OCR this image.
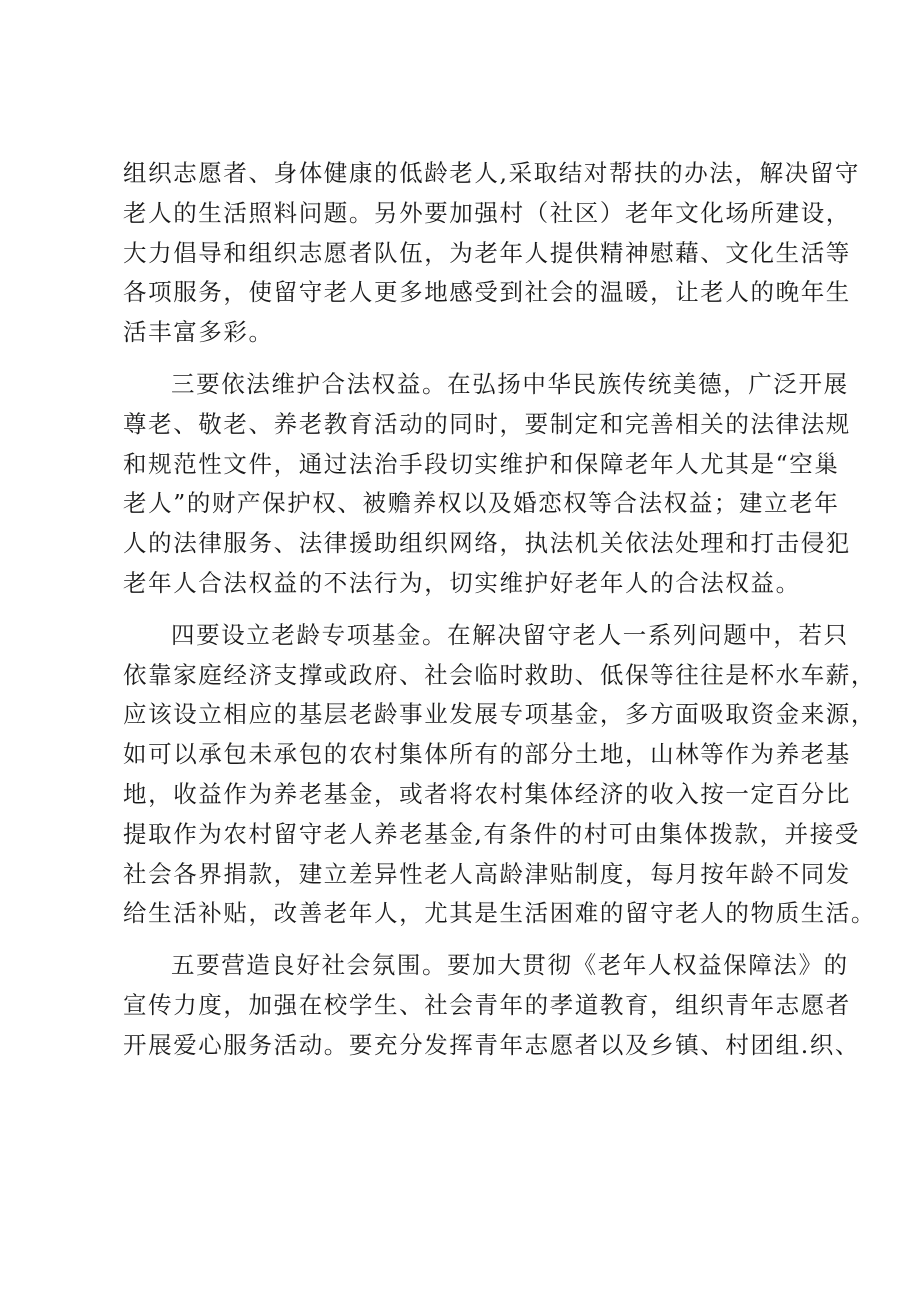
组织志愿者、身体健康的低龄老人,采取结对帮扶的办法，解决留守
老人的生活照料问题。另外要加强村（社区）老年文化场所建设，
大力倡导和组织志愿者队伍，为老年人提供精神慰藉、文化生活等
各项服务，使留守老人更多地感受到社会的温暖，让老人的晚年生
活丰富多彩。

三要依法维护合法权益。在弘扬中华民族传统美德，广泛开展
尊老、敬老、养老教育活动的同时，要制定和完善相关的法律法规
和规范性文件，通过法治手段切实维护和保障老年人尤其是“空巢
老人”的财产保护权、被赡养权以及婚恋权等合法权益；建立老年
人的法律服务、法律援助组织网络，执法机关依法处理和打击侵犯
老年人合法权益的不法行为，切实维护好老年人的合法权益。

四要设立老龄专项基金。在解决留守老人一系列问题中，若只
依靠家庭经济支撑或政府、社会临时救助、低保等往往是杯水车薪，
应该设立相应的基层老龄事业发展专项基金，多方面吸取资金来源，
如可以承包未承包的农村集体所有的部分土地，山林等作为养老基
地，收益作为养老基金，或者将农村集体经济的收入按一定百分比
提取作为农村留守老人养老基金,有条件的村可由集体拨款，并接受
社会各界捐款，建立差异性老人高龄津贴制度，每月按年龄不同发
给生活补贴，改善老年人，尤其是生活困难的留守老人的物质生活。

五要营造良好社会氛围。要加大贯彻《老年人权益保障法》的
宣传力度，加强在校学生、社会青年的孝道教育，组织青年志愿者
开展爱心服务活动。要充分发挥青年志愿者以及乡镇、村团组.织、
